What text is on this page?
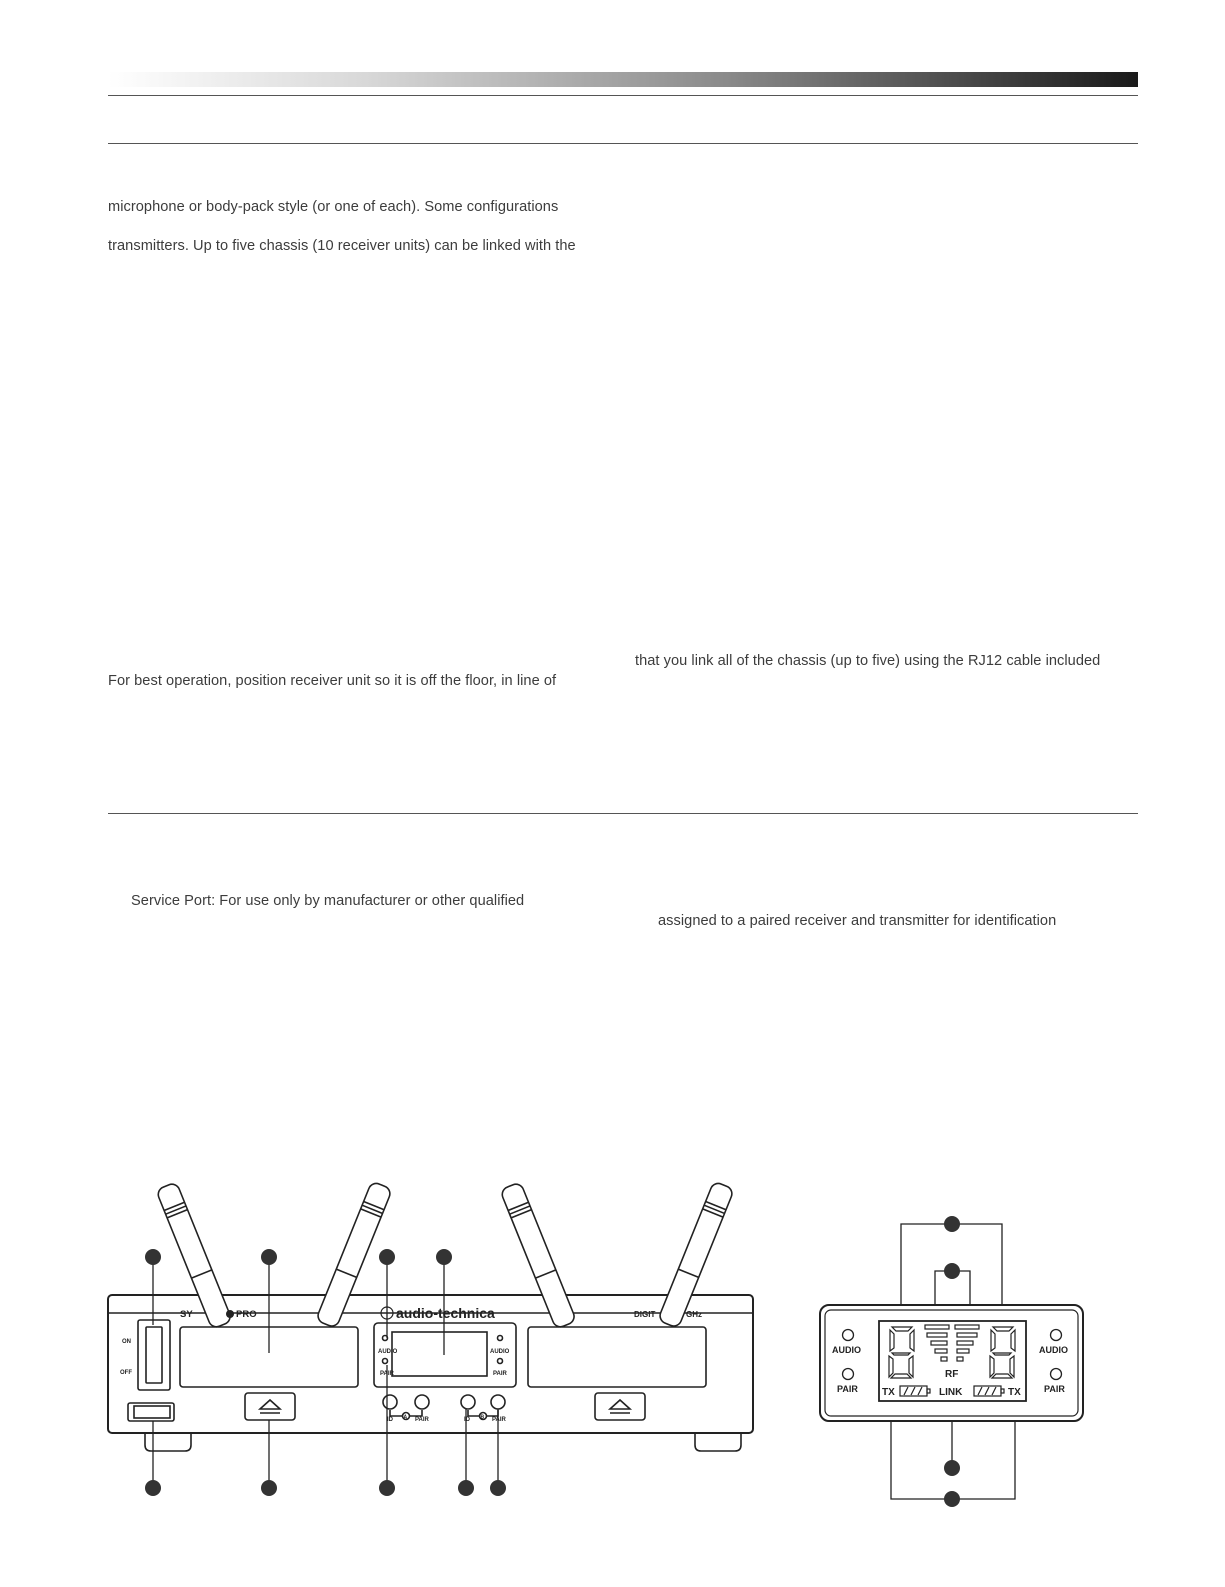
microphone or body-pack style (or one of each). Some configurations
transmitters. Up to five chassis (10 receiver units) can be linked with the
that you link all of the chassis (up to five) using the RJ12 cable included
For best operation, position receiver unit so it is off the floor, in line of
Service Port: For use only by manufacturer or other qualified
assigned to a paired receiver and transmitter for identification
SY	PRO	audio-technica	DIGIT	GHz
ON
OFF
AUDIO
PAIR
AUDIO
PAIR
ID	PAIR	ID	PAIR
A	B
AUDIO
PAIR
AUDIO
PAIR
RF
LINK
TX	TX
